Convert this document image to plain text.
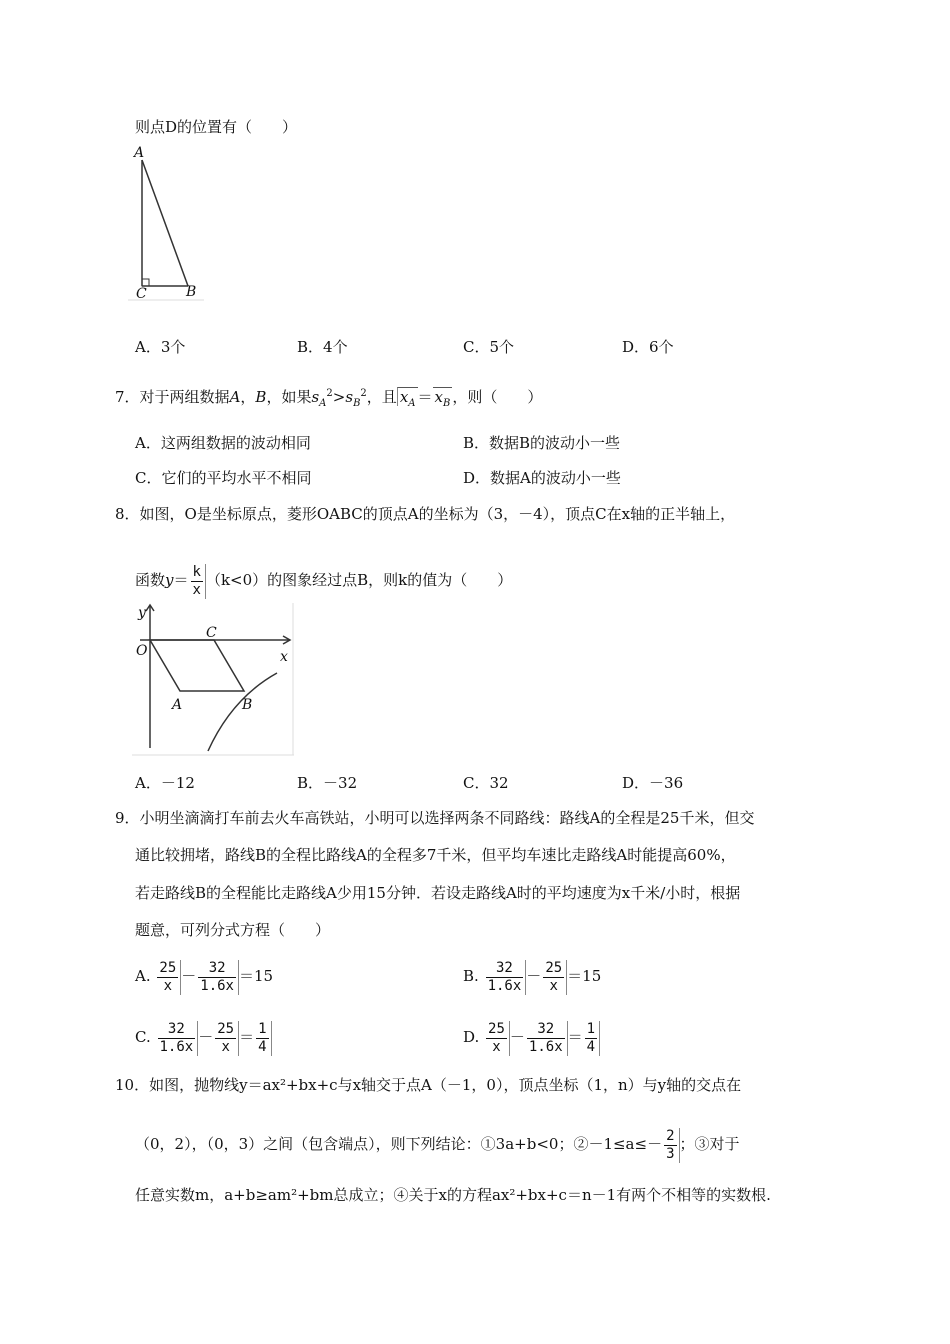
则点D的位置有（　　）
A
C	B
A．3个	B．4个	C．5个	D．6个
7．对于两组数据A，B，如果$s_A^2>s_B^2$，且 $x_A = x_B$ ，则（　　）
A．这两组数据的波动相同	B．数据B的波动小一些
C．它们的平均水平不相同	D．数据A的波动小一些
8．如图，O是坐标原点，菱形OABC的顶点A的坐标为（3，－4），顶点C在x轴的正半轴上，
函数$y= \frac{k}{x} (k<0)$的图象经过点B，则k的值为（　　）
y
O
C
x
A	B
A．－12	B．－32	C．32	D．－36
9．小明坐滴滴打车前去火车高铁站，小明可以选择两条不同路线：路线A的全程是25千米，但交
通比较拥堵，路线B的全程比路线A的全程多7千米，但平均车速比走路线A时能提高60%，
若走路线B的全程能比走路线A少用15分钟．若设走路线A时的平均速度为x千米/小时，根据
题意，可列分式方程（　　）
A. $\frac{25}{x} - \frac{32}{1.6x} =15$	B. $\frac{32}{1.6x} - \frac{25}{x} =15$
C. $\frac{32}{1.6x} - \frac{25}{x} = \frac{1}{4}$	D. $\frac{25}{x} - \frac{32}{1.6x} = \frac{1}{4}$
10．如图，抛物线y＝ax²+bx+c与x轴交于点A（－1，0），顶点坐标（1，n）与y轴的交点在
（0，2），（0，3）之间（包含端点），则下列结论：①3a+b<0；②－1≤a≤－ $\frac{2}{3}$ ；③对于
任意实数m，a+b≥am²+bm总成立；④关于x的方程ax²+bx+c＝n－1有两个不相等的实数根.
